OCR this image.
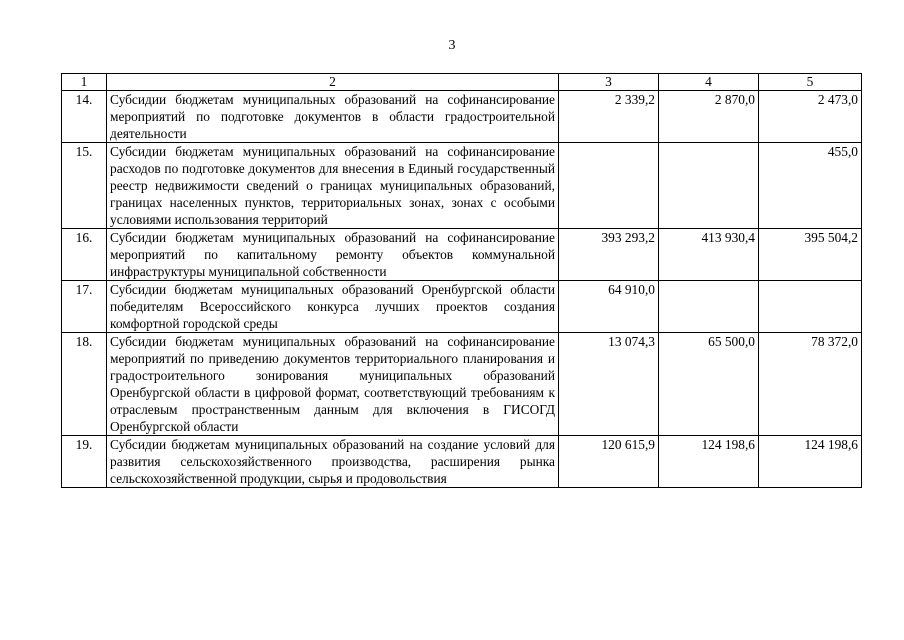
3
1	2	3	4	5
14.	Субсидии бюджетам муниципальных образований на софинансирование мероприятий по подготовке документов в области градостроительной деятельности	2 339,2	2 870,0	2 473,0
15.	Субсидии бюджетам муниципальных образований на софинансирование расходов по подготовке документов для внесения в Единый государственный реестр недвижимости сведений о границах муниципальных образований, границах населенных пунктов, территориальных зонах, зонах с особыми условиями использования территорий			455,0
16.	Субсидии бюджетам муниципальных образований на софинансирование мероприятий по капитальному ремонту объектов коммунальной инфраструктуры муниципальной собственности	393 293,2	413 930,4	395 504,2
17.	Субсидии бюджетам муниципальных образований Оренбургской области победителям Всероссийского конкурса лучших проектов создания комфортной городской среды	64 910,0		
18.	Субсидии бюджетам муниципальных образований на софинансирование мероприятий по приведению документов территориального планирования и градостроительного зонирования муниципальных образований Оренбургской области в цифровой формат, соответствующий требованиям к отраслевым пространственным данным для включения в ГИСОГД Оренбургской области	13 074,3	65 500,0	78 372,0
19.	Субсидии бюджетам муниципальных образований на создание условий для развития сельскохозяйственного производства, расширения рынка сельскохозяйственной продукции, сырья и продовольствия	120 615,9	124 198,6	124 198,6
